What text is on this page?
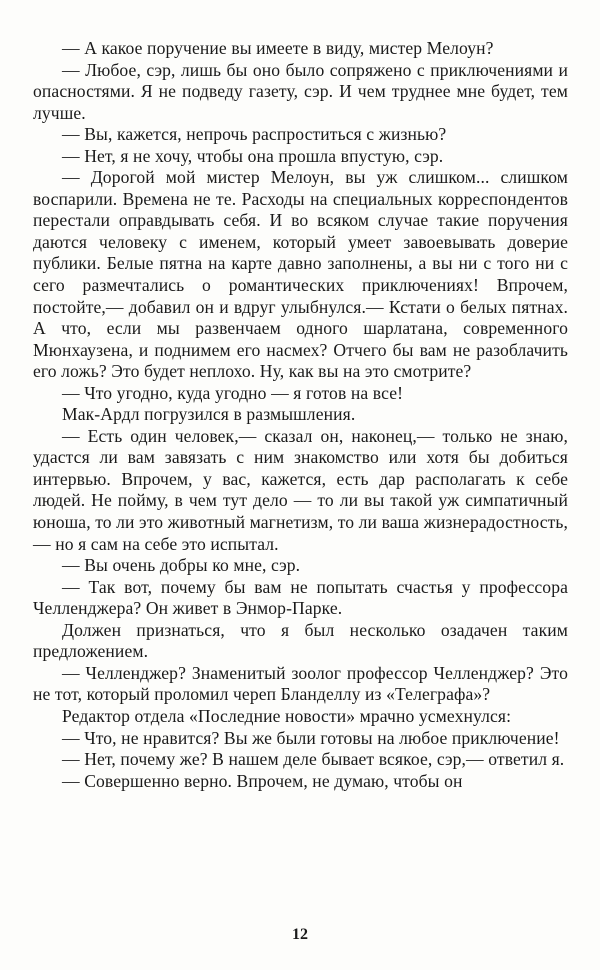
— А какое поручение вы имеете в виду, мистер Мелоун?

— Любое, сэр, лишь бы оно было сопряжено с приключениями и опасностями. Я не подведу газету, сэр. И чем труднее мне будет, тем лучше.

— Вы, кажется, непрочь распроститься с жизнью?

— Нет, я не хочу, чтобы она прошла впустую, сэр.

— Дорогой мой мистер Мелоун, вы уж слишком... слишком воспарили. Времена не те. Расходы на специальных корреспондентов перестали оправдывать себя. И во всяком случае такие поручения даются человеку с именем, который умеет завоевывать доверие публики. Белые пятна на карте давно заполнены, а вы ни с того ни с сего размечтались о романтических приключениях! Впрочем, постойте,— добавил он и вдруг улыбнулся.— Кстати о белых пятнах. А что, если мы развенчаем одного шарлатана, современного Мюнхаузена, и поднимем его насмех? Отчего бы вам не разоблачить его ложь? Это будет неплохо. Ну, как вы на это смотрите?

— Что угодно, куда угодно — я готов на все!

Мак-Ардл погрузился в размышления.

— Есть один человек,— сказал он, наконец,— только не знаю, удастся ли вам завязать с ним знакомство или хотя бы добиться интервью. Впрочем, у вас, кажется, есть дар располагать к себе людей. Не пойму, в чем тут дело — то ли вы такой уж симпатичный юноша, то ли это животный магнетизм, то ли ваша жизнерадостность,— но я сам на себе это испытал.

— Вы очень добры ко мне, сэр.

— Так вот, почему бы вам не попытать счастья у профессора Челленджера? Он живет в Энмор-Парке.

Должен признаться, что я был несколько озадачен таким предложением.

— Челленджер? Знаменитый зоолог профессор Челленджер? Это не тот, который проломил череп Бланделлу из «Телеграфа»?

Редактор отдела «Последние новости» мрачно усмехнулся:

— Что, не нравится? Вы же были готовы на любое приключение!

— Нет, почему же? В нашем деле бывает всякое, сэр,— ответил я.

— Совершенно верно. Впрочем, не думаю, чтобы он

12
